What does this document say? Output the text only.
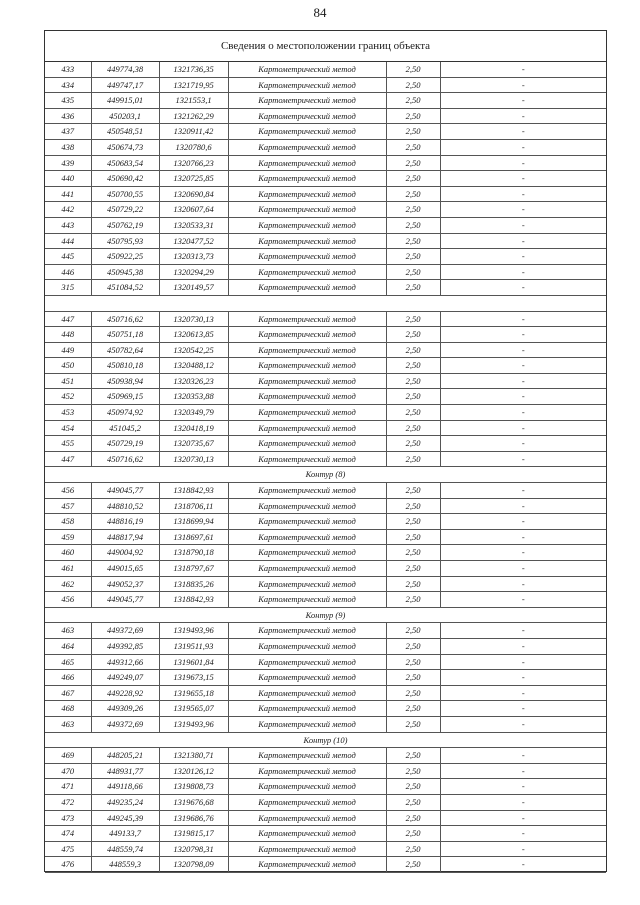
84
Сведения о местоположении границ объекта
433	449774,38	1321736,35	Картометрический метод	2,50	-
434	449747,17	1321719,95	Картометрический метод	2,50	-
435	449915,01	1321553,1	Картометрический метод	2,50	-
436	450203,1	1321262,29	Картометрический метод	2,50	-
437	450548,51	1320911,42	Картометрический метод	2,50	-
438	450674,73	1320780,6	Картометрический метод	2,50	-
439	450683,54	1320766,23	Картометрический метод	2,50	-
440	450690,42	1320725,85	Картометрический метод	2,50	-
441	450700,55	1320690,84	Картометрический метод	2,50	-
442	450729,22	1320607,64	Картометрический метод	2,50	-
443	450762,19	1320533,31	Картометрический метод	2,50	-
444	450795,93	1320477,52	Картометрический метод	2,50	-
445	450922,25	1320313,73	Картометрический метод	2,50	-
446	450945,38	1320294,29	Картометрический метод	2,50	-
315	451084,52	1320149,57	Картометрический метод	2,50	-

447	450716,62	1320730,13	Картометрический метод	2,50	-
448	450751,18	1320613,85	Картометрический метод	2,50	-
449	450782,64	1320542,25	Картометрический метод	2,50	-
450	450810,18	1320488,12	Картометрический метод	2,50	-
451	450938,94	1320326,23	Картометрический метод	2,50	-
452	450969,15	1320353,88	Картометрический метод	2,50	-
453	450974,92	1320349,79	Картометрический метод	2,50	-
454	451045,2	1320418,19	Картометрический метод	2,50	-
455	450729,19	1320735,67	Картометрический метод	2,50	-
447	450716,62	1320730,13	Картометрический метод	2,50	-
Контур (8)					
456	449045,77	1318842,93	Картометрический метод	2,50	-
457	448810,52	1318706,11	Картометрический метод	2,50	-
458	448816,19	1318699,94	Картометрический метод	2,50	-
459	448817,94	1318697,61	Картометрический метод	2,50	-
460	449004,92	1318790,18	Картометрический метод	2,50	-
461	449015,65	1318797,67	Картометрический метод	2,50	-
462	449052,37	1318835,26	Картометрический метод	2,50	-
456	449045,77	1318842,93	Картометрический метод	2,50	-
Контур (9)					
463	449372,69	1319493,96	Картометрический метод	2,50	-
464	449392,85	1319511,93	Картометрический метод	2,50	-
465	449312,66	1319601,84	Картометрический метод	2,50	-
466	449249,07	1319673,15	Картометрический метод	2,50	-
467	449228,92	1319655,18	Картометрический метод	2,50	-
468	449309,26	1319565,07	Картометрический метод	2,50	-
463	449372,69	1319493,96	Картометрический метод	2,50	-
Контур (10)					
469	448205,21	1321380,71	Картометрический метод	2,50	-
470	448931,77	1320126,12	Картометрический метод	2,50	-
471	449118,66	1319808,73	Картометрический метод	2,50	-
472	449235,24	1319676,68	Картометрический метод	2,50	-
473	449245,39	1319686,76	Картометрический метод	2,50	-
474	449133,7	1319815,17	Картометрический метод	2,50	-
475	448559,74	1320798,31	Картометрический метод	2,50	-
476	448559,3	1320798,09	Картометрический метод	2,50	-
